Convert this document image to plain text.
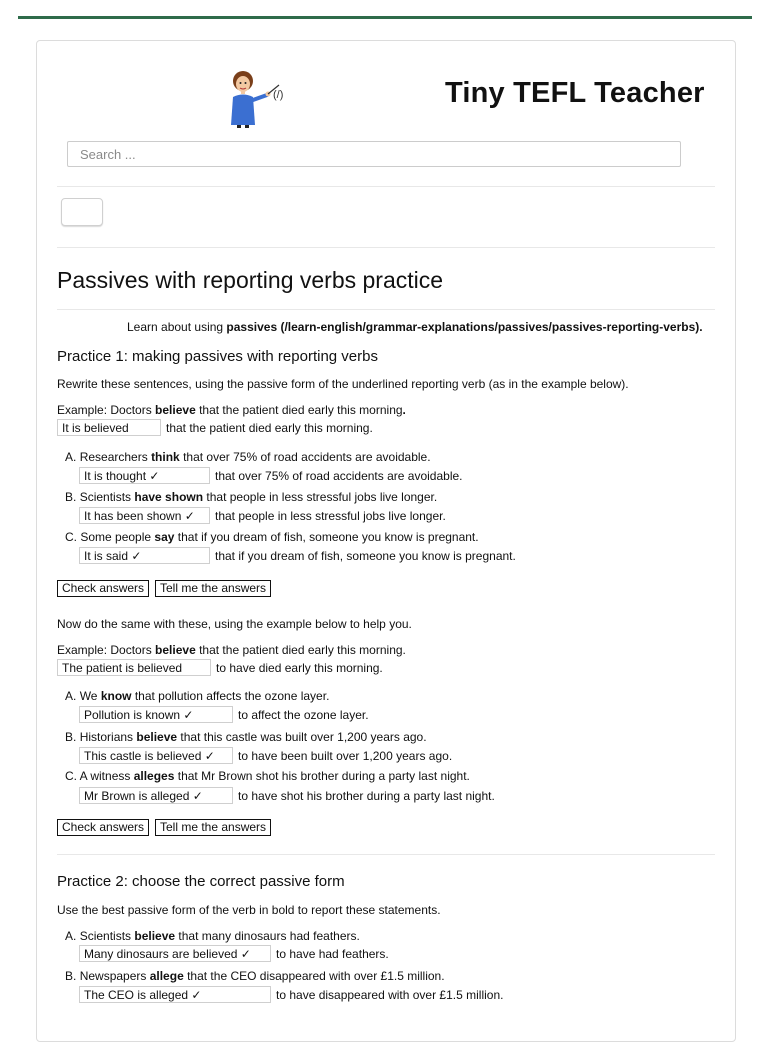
(/)	Tiny TEFL Teacher
Search ...
Passives with reporting verbs practice
Learn about using passives (/learn-english/grammar-explanations/passives/passives-reporting-verbs).
Practice 1: making passives with reporting verbs
Rewrite these sentences, using the passive form of the underlined reporting verb (as in the example below).
Example: Doctors believe that the patient died early this morning.
It is believed	that the patient died early this morning.
A. Researchers think that over 75% of road accidents are avoidable.
It is thought ✓	that over 75% of road accidents are avoidable.
B. Scientists have shown that people in less stressful jobs live longer.
It has been shown ✓	that people in less stressful jobs live longer.
C. Some people say that if you dream of fish, someone you know is pregnant.
It is said ✓	that if you dream of fish, someone you know is pregnant.
Check answers	Tell me the answers
Now do the same with these, using the example below to help you.
Example: Doctors believe that the patient died early this morning.
The patient is believed	to have died early this morning.
A. We know that pollution affects the ozone layer.
Pollution is known ✓	to affect the ozone layer.
B. Historians believe that this castle was built over 1,200 years ago.
This castle is believed ✓	to have been built over 1,200 years ago.
C. A witness alleges that Mr Brown shot his brother during a party last night.
Mr Brown is alleged ✓	to have shot his brother during a party last night.
Check answers	Tell me the answers
Practice 2: choose the correct passive form
Use the best passive form of the verb in bold to report these statements.
A. Scientists believe that many dinosaurs had feathers.
Many dinosaurs are believed ✓	to have had feathers.
B. Newspapers allege that the CEO disappeared with over £1.5 million.
The CEO is alleged ✓	to have disappeared with over £1.5 million.
